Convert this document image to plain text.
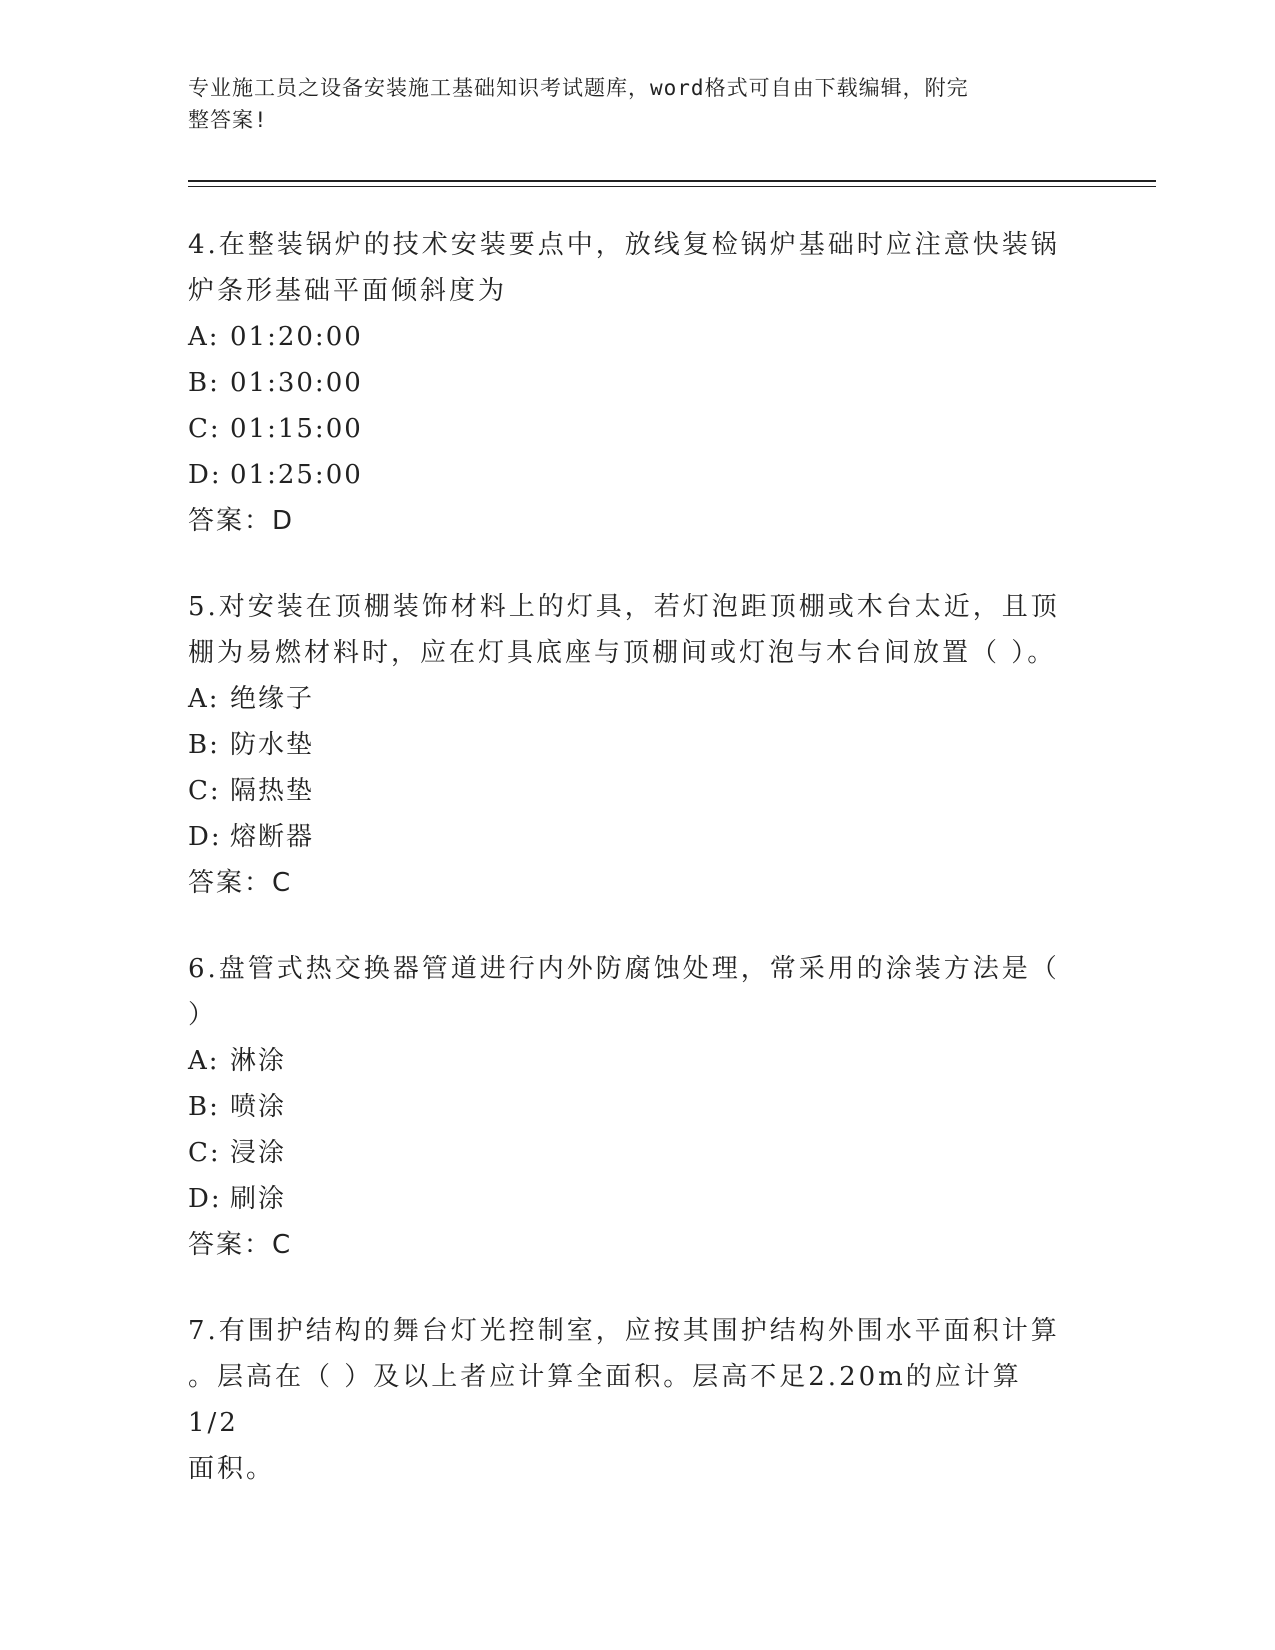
专业施工员之设备安装施工基础知识考试题库，word格式可自由下载编辑，附完
整答案!

4.在整装锅炉的技术安装要点中，放线复检锅炉基础时应注意快装锅

炉条形基础平面倾斜度为

A: 01:20:00

B: 01:30:00

C: 01:15:00

D: 01:25:00

答案：D

5.对安装在顶棚装饰材料上的灯具，若灯泡距顶棚或木台太近，且顶

棚为易燃材料时，应在灯具底座与顶棚间或灯泡与木台间放置（ ）。

A: 绝缘子

B: 防水垫

C: 隔热垫

D: 熔断器

答案：C

6.盘管式热交换器管道进行内外防腐蚀处理，常采用的涂装方法是（

）

A: 淋涂

B: 喷涂

C: 浸涂

D: 刷涂

答案：C

7.有围护结构的舞台灯光控制室，应按其围护结构外围水平面积计算

。层高在（ ）及以上者应计算全面积。层高不足2.20m的应计算1/2

面积。
